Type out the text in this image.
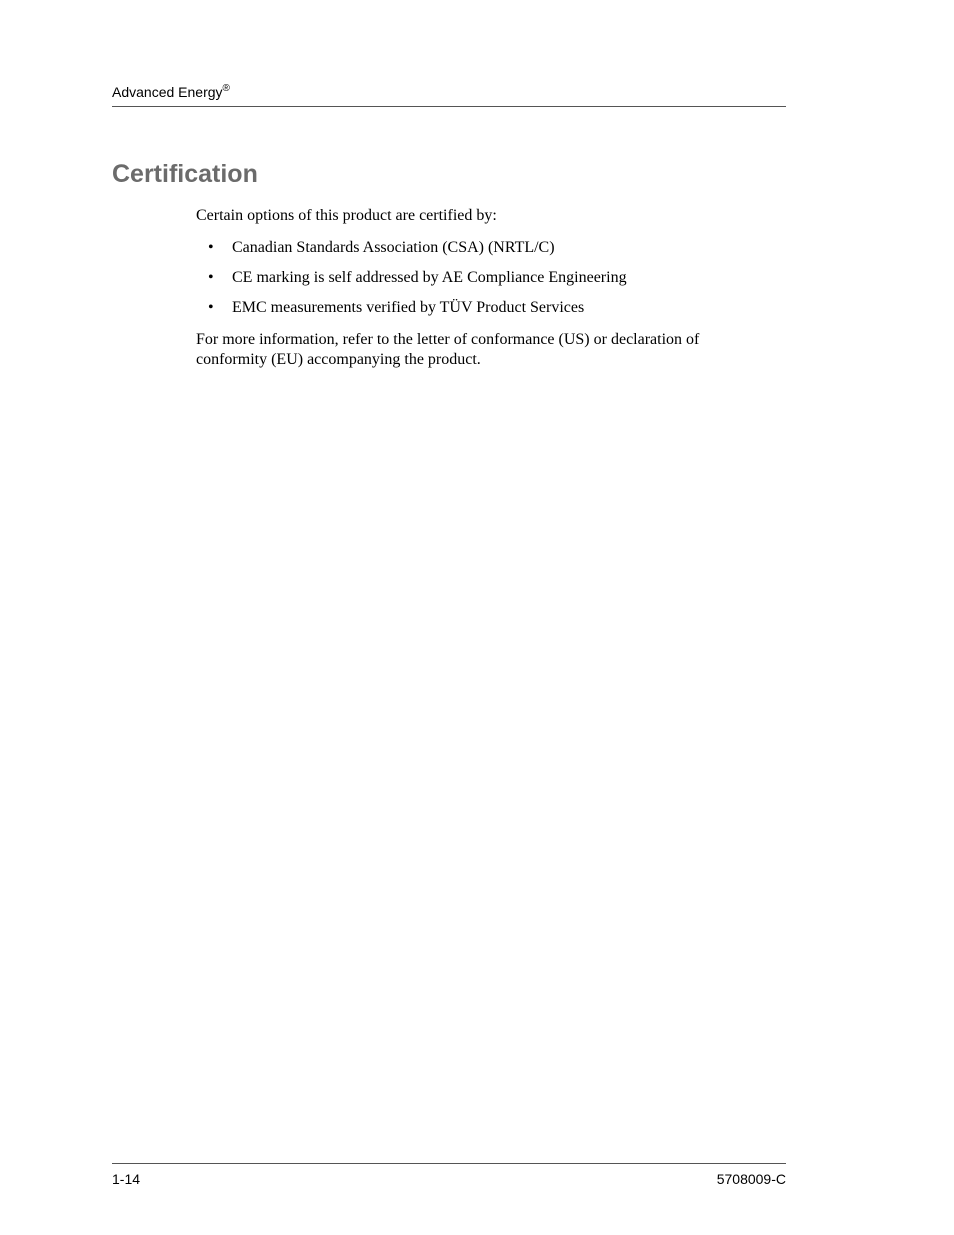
Advanced Energy®
Certification

Certain options of this product are certified by:

• Canadian Standards Association (CSA) (NRTL/C)
• CE marking is self addressed by AE Compliance Engineering
• EMC measurements verified by TÜV Product Services

For more information, refer to the letter of conformance (US) or declaration of conformity (EU) accompanying the product.

1-14	5708009-C
